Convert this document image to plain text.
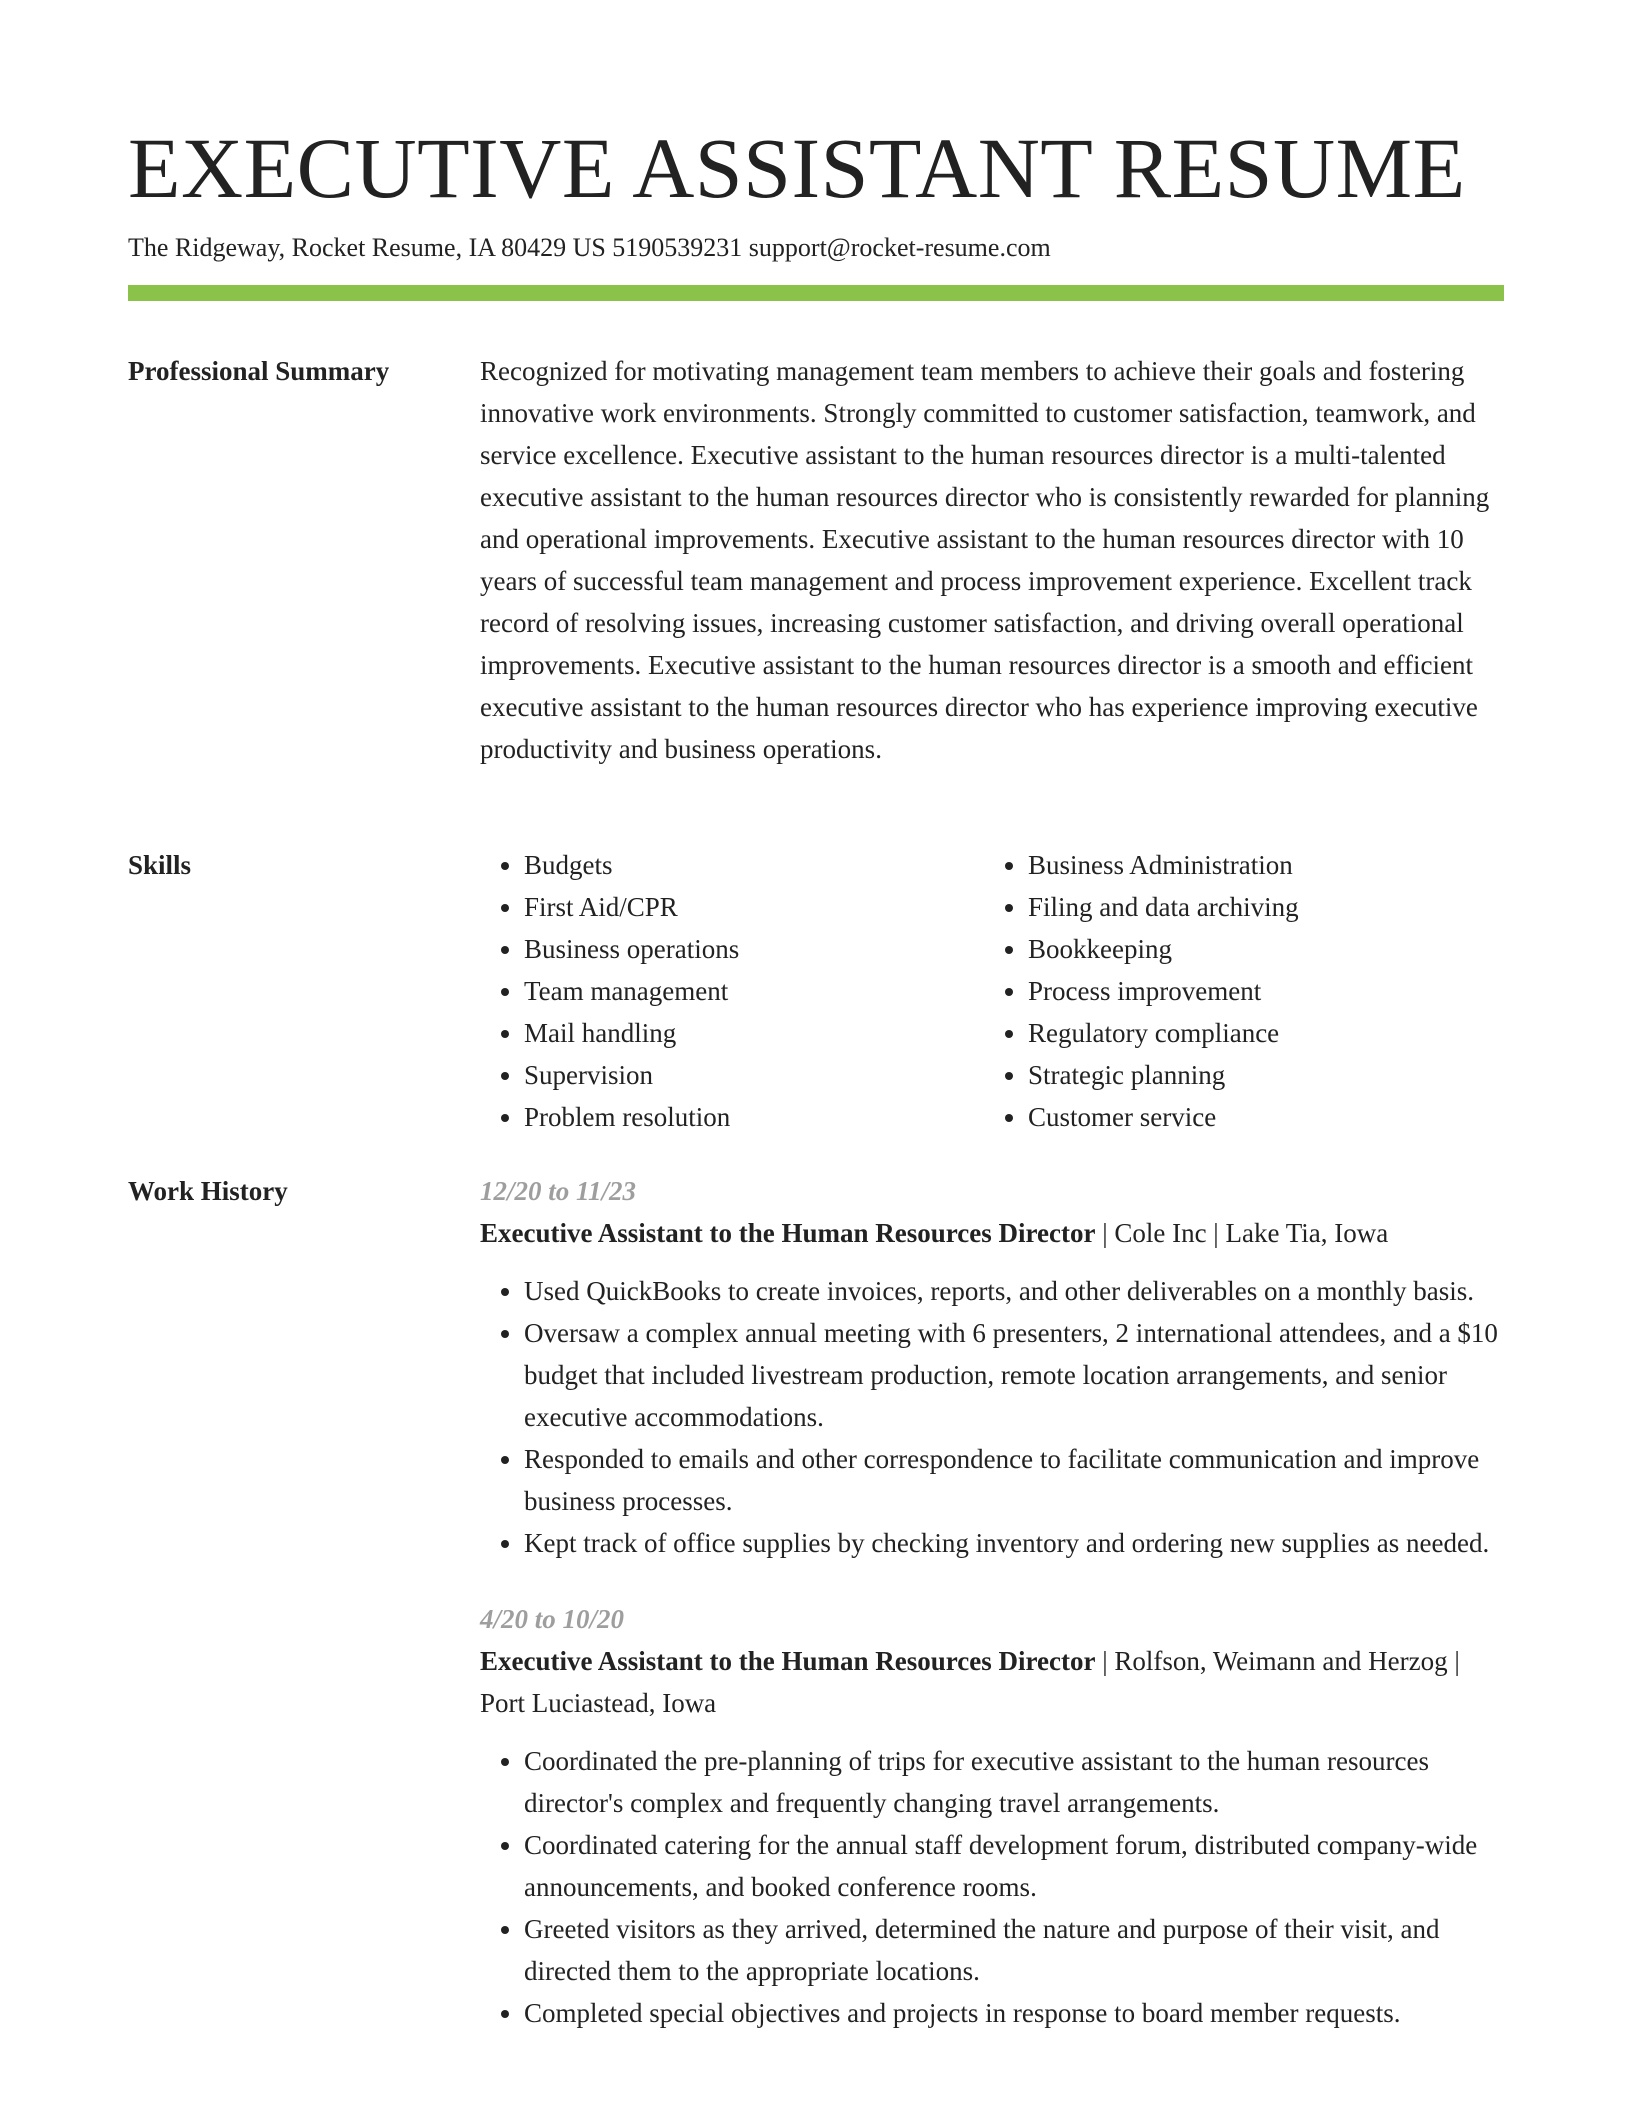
EXECUTIVE ASSISTANT RESUME
The Ridgeway, Rocket Resume, IA 80429 US 5190539231 support@rocket-resume.com
Professional Summary	Recognized for motivating management team members to achieve their goals and fostering innovative work environments. Strongly committed to customer satisfaction, teamwork, and service excellence. Executive assistant to the human resources director is a multi-talented executive assistant to the human resources director who is consistently rewarded for planning and operational improvements. Executive assistant to the human resources director with 10 years of successful team management and process improvement experience. Excellent track record of resolving issues, increasing customer satisfaction, and driving overall operational improvements. Executive assistant to the human resources director is a smooth and efficient executive assistant to the human resources director who has experience improving executive productivity and business operations.

Skills
•	Budgets
• First Aid/CPR
• Business operations
• Team management
• Mail handling
• Supervision
• Problem resolution
• Business Administration
• Filing and data archiving
• Bookkeeping
• Process improvement
• Regulatory compliance
• Strategic planning
• Customer service
Work History	12/20 to 11/23
Executive Assistant to the Human Resources Director | Cole Inc | Lake Tia, Iowa
• Used QuickBooks to create invoices, reports, and other deliverables on a monthly basis.
• Oversaw a complex annual meeting with 6 presenters, 2 international attendees, and a $10 budget that included livestream production, remote location arrangements, and senior executive accommodations.
• Responded to emails and other correspondence to facilitate communication and improve business processes.
• Kept track of office supplies by checking inventory and ordering new supplies as needed.
4/20 to 10/20
Executive Assistant to the Human Resources Director | Rolfson, Weimann and Herzog | Port Luciastead, Iowa
• Coordinated the pre-planning of trips for executive assistant to the human resources director's complex and frequently changing travel arrangements.
• Coordinated catering for the annual staff development forum, distributed company-wide announcements, and booked conference rooms.
• Greeted visitors as they arrived, determined the nature and purpose of their visit, and directed them to the appropriate locations.
• Completed special objectives and projects in response to board member requests.
